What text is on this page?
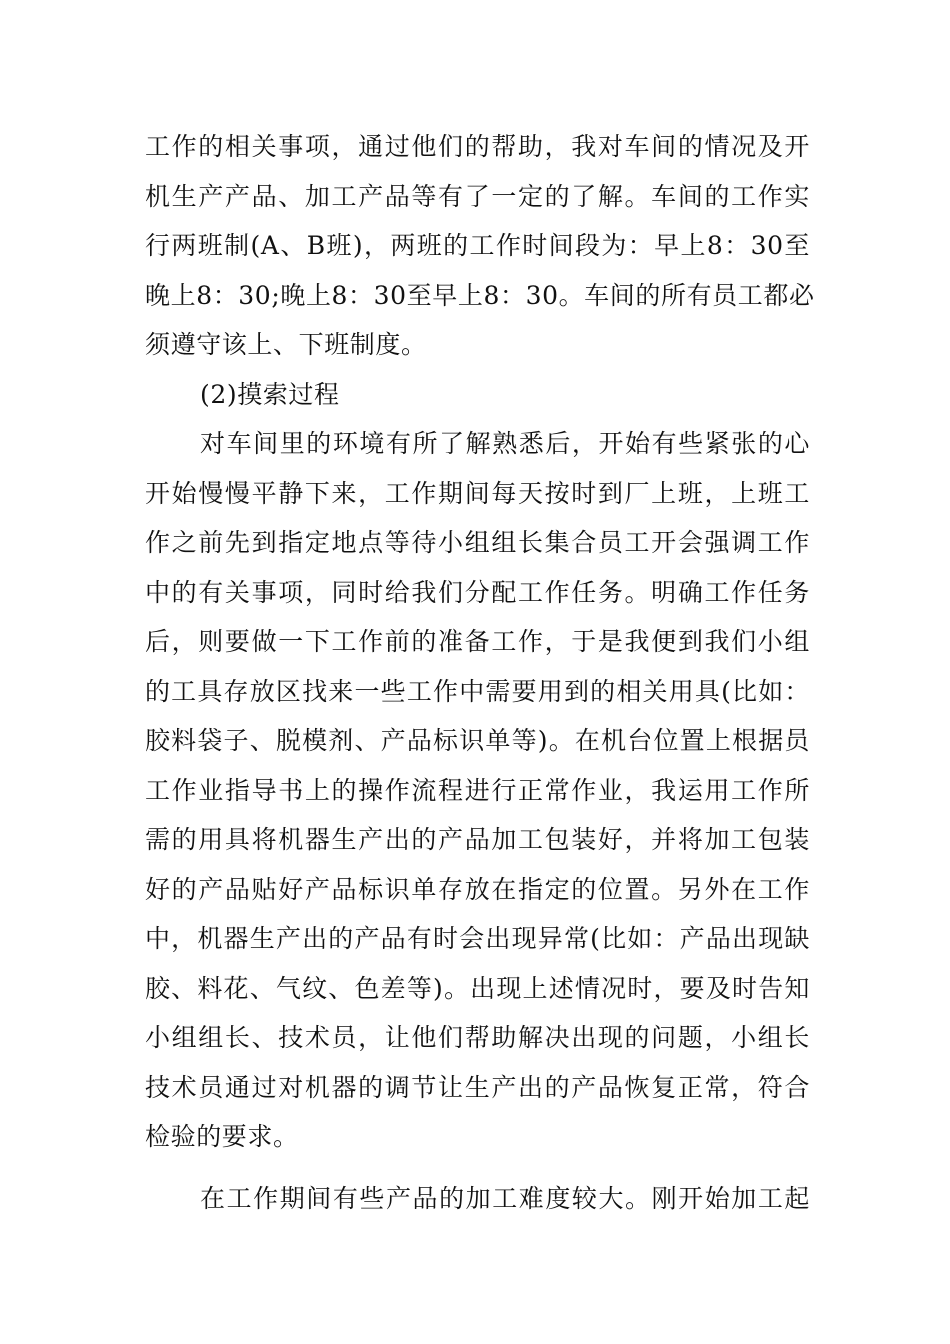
工作的相关事项，通过他们的帮助，我对车间的情况及开
机生产产品、加工产品等有了一定的了解。车间的工作实
行两班制(A、B班)，两班的工作时间段为：早上8：30至
晚上8：30;晚上8：30至早上8：30。车间的所有员工都必
须遵守该上、下班制度。
(2)摸索过程
对车间里的环境有所了解熟悉后，开始有些紧张的心
开始慢慢平静下来，工作期间每天按时到厂上班，上班工
作之前先到指定地点等待小组组长集合员工开会强调工作
中的有关事项，同时给我们分配工作任务。明确工作任务
后，则要做一下工作前的准备工作，于是我便到我们小组
的工具存放区找来一些工作中需要用到的相关用具(比如：
胶料袋子、脱模剂、产品标识单等)。在机台位置上根据员
工作业指导书上的操作流程进行正常作业，我运用工作所
需的用具将机器生产出的产品加工包装好，并将加工包装
好的产品贴好产品标识单存放在指定的位置。另外在工作
中，机器生产出的产品有时会出现异常(比如：产品出现缺
胶、料花、气纹、色差等)。出现上述情况时，要及时告知
小组组长、技术员，让他们帮助解决出现的问题，小组长
技术员通过对机器的调节让生产出的产品恢复正常，符合
检验的要求。
在工作期间有些产品的加工难度较大。刚开始加工起
